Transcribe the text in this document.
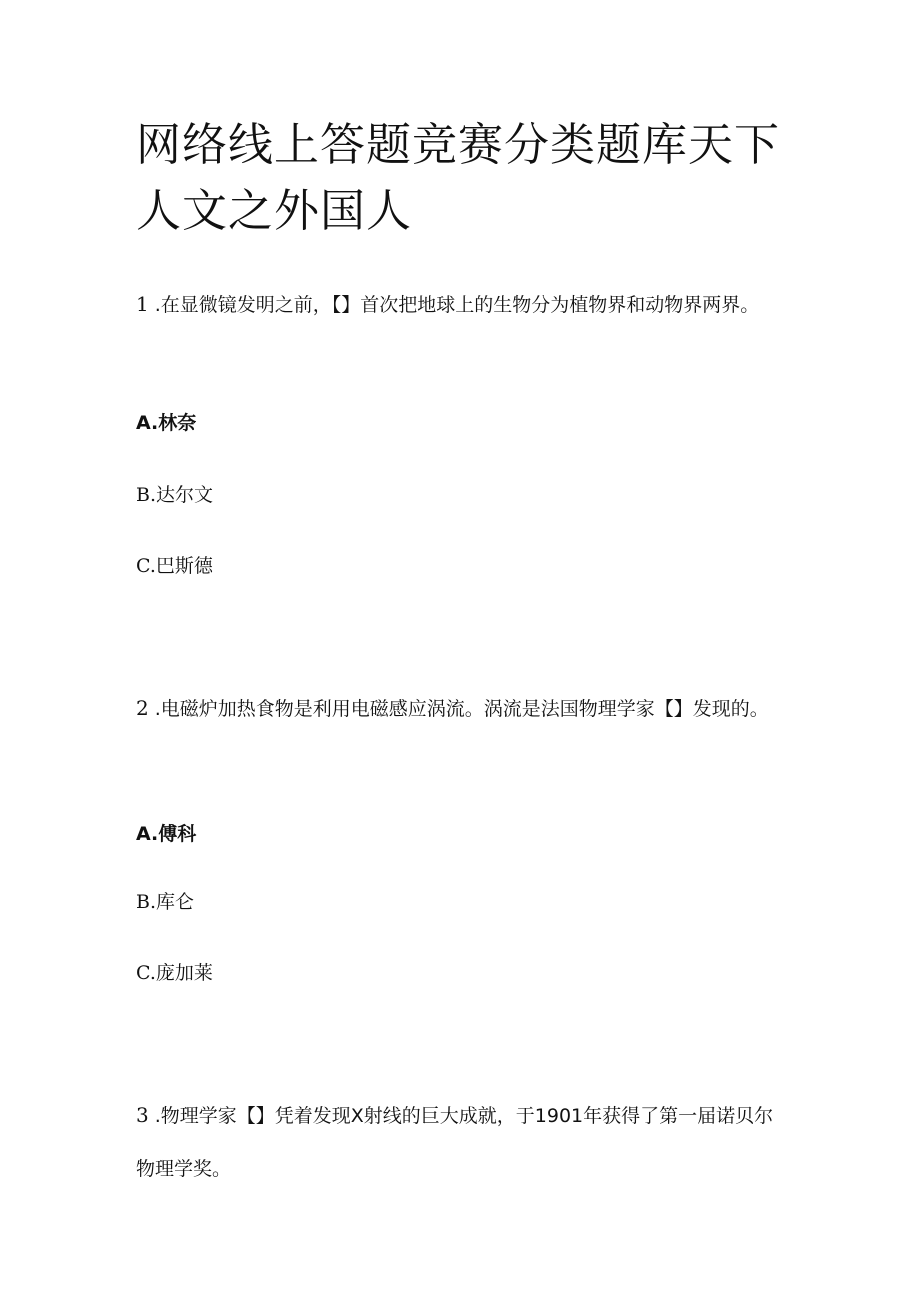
网络线上答题竞赛分类题库天下人文之外国人

1 .在显微镜发明之前，【】首次把地球上的生物分为植物界和动物界两界。

A.林奈

B.达尔文

C.巴斯德

2 .电磁炉加热食物是利用电磁感应涡流。涡流是法国物理学家【】发现的。

A.傅科

B.库仑

C.庞加莱

3 .物理学家【】凭着发现X射线的巨大成就，于1901年获得了第一届诺贝尔物理学奖。
